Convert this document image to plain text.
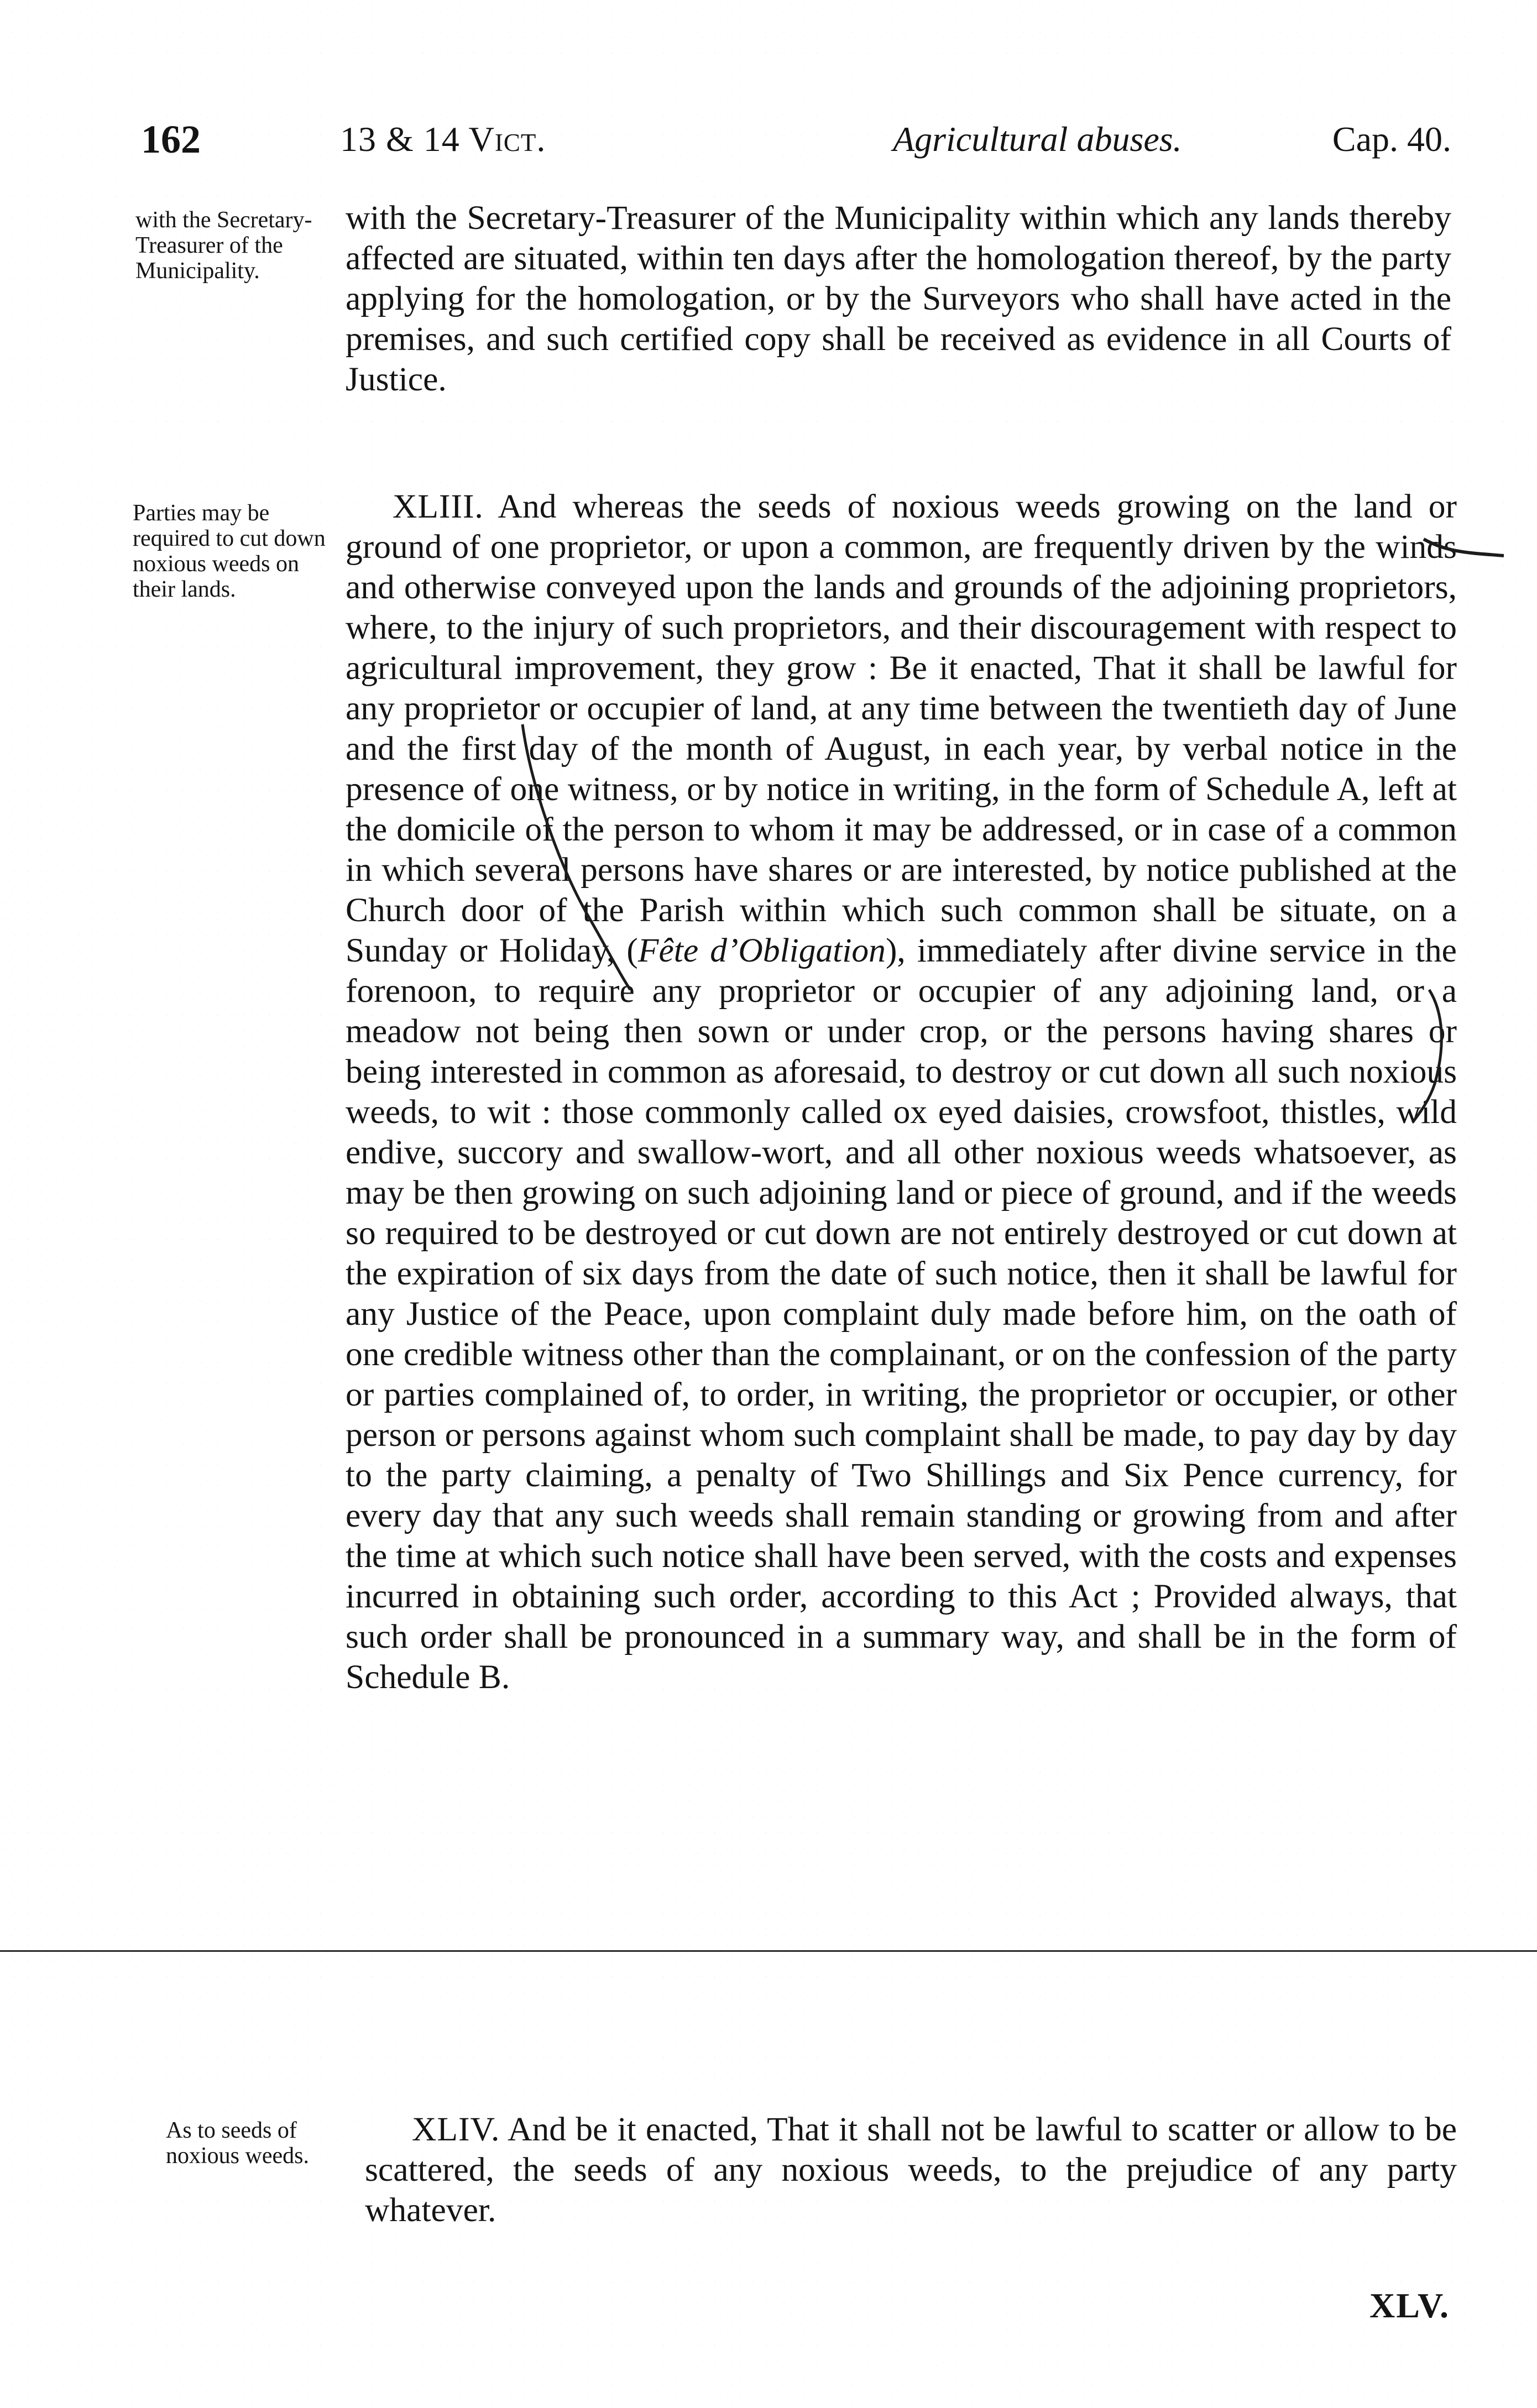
162	13 & 14 Vict.	Agricultural abuses.	Cap. 40.
with the Secretary-Treasurer of the Municipality.
Parties may be required to cut down noxious weeds on their lands.
As to seeds of noxious weeds.
with the Secretary-Treasurer of the Municipality within which any lands thereby affected are situated, within ten days after the homologation thereof, by the party applying for the homologation, or by the Surveyors who shall have acted in the premises, and such certified copy shall be received as evidence in all Courts of Justice.
XLIII. And whereas the seeds of noxious weeds growing on the land or ground of one proprietor, or upon a common, are frequently driven by the winds and otherwise conveyed upon the lands and grounds of the adjoining proprietors, where, to the injury of such proprietors, and their discouragement with respect to agricultural improvement, they grow : Be it enacted, That it shall be lawful for any proprietor or occupier of land, at any time between the twentieth day of June and the first day of the month of August, in each year, by verbal notice in the presence of one witness, or by notice in writing, in the form of Schedule A, left at the domicile of the person to whom it may be addressed, or in case of a common in which several persons have shares or are interested, by notice published at the Church door of the Parish within which such common shall be situate, on a Sunday or Holiday, (Fête d’Obligation), immediately after divine service in the forenoon, to require any proprietor or occupier of any adjoining land, or a meadow not being then sown or under crop, or the persons having shares or being interested in common as aforesaid, to destroy or cut down all such noxious weeds, to wit : those commonly called ox eyed daisies, crowsfoot, thistles, wild endive, succory and swallow-wort, and all other noxious weeds whatsoever, as may be then growing on such adjoining land or piece of ground, and if the weeds so required to be destroyed or cut down are not entirely destroyed or cut down at the expiration of six days from the date of such notice, then it shall be lawful for any Justice of the Peace, upon complaint duly made before him, on the oath of one credible witness other than the complainant, or on the confession of the party or parties complained of, to order, in writing, the proprietor or occupier, or other person or persons against whom such complaint shall be made, to pay day by day to the party claiming, a penalty of Two Shillings and Six Pence currency, for every day that any such weeds shall remain standing or growing from and after the time at which such notice shall have been served, with the costs and expenses incurred in obtaining such order, according to this Act ; Provided always, that such order shall be pronounced in a summary way, and shall be in the form of Schedule B.
XLIV. And be it enacted, That it shall not be lawful to scatter or allow to be scattered, the seeds of any noxious weeds, to the prejudice of any party whatever.
XLV.
